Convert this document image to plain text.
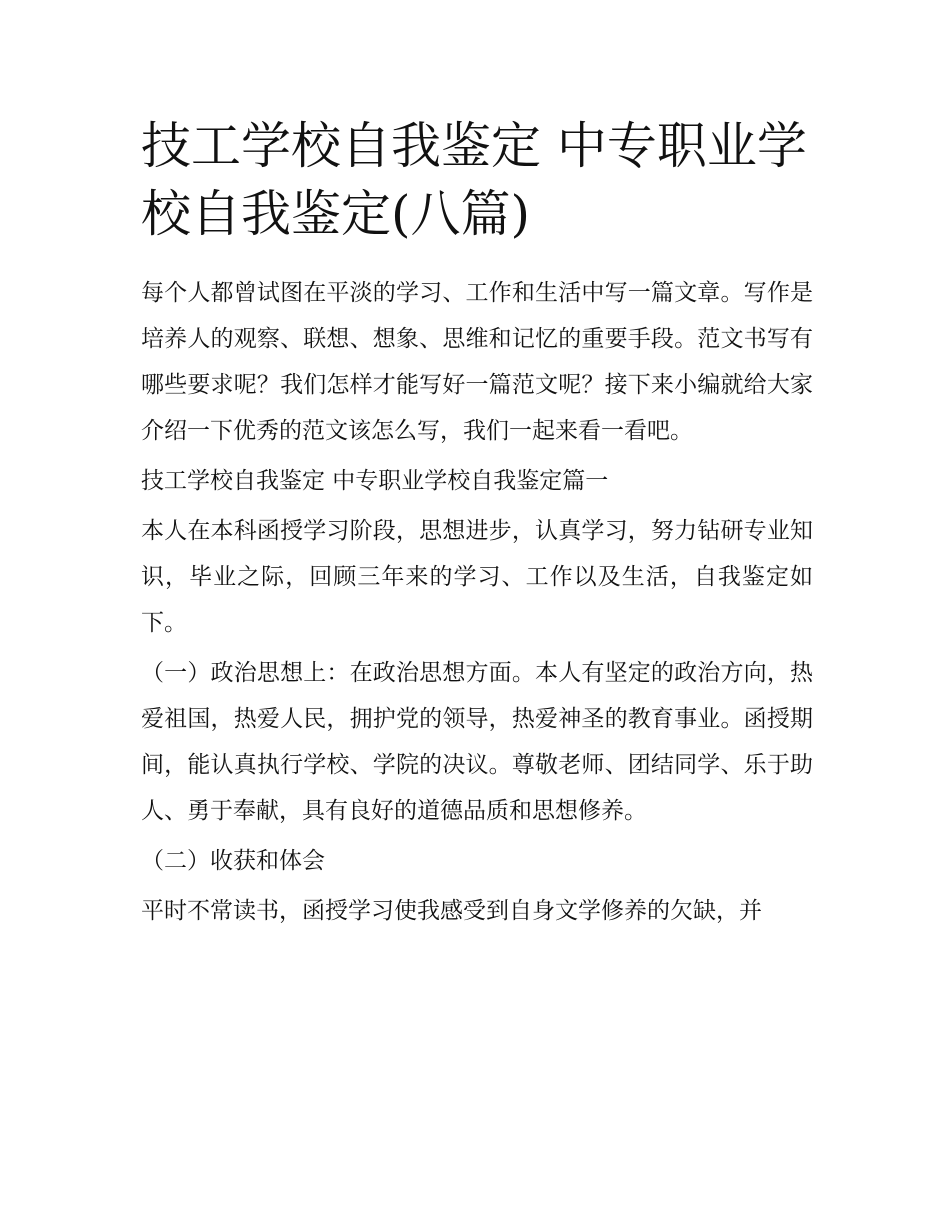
技工学校自我鉴定 中专职业学校自我鉴定(八篇)

每个人都曾试图在平淡的学习、工作和生活中写一篇文章。写作是培养人的观察、联想、想象、思维和记忆的重要手段。范文书写有哪些要求呢？我们怎样才能写好一篇范文呢？接下来小编就给大家介绍一下优秀的范文该怎么写，我们一起来看一看吧。

技工学校自我鉴定 中专职业学校自我鉴定篇一

本人在本科函授学习阶段，思想进步，认真学习，努力钻研专业知识，毕业之际，回顾三年来的学习、工作以及生活，自我鉴定如下。

（一）政治思想上：在政治思想方面。本人有坚定的政治方向，热爱祖国，热爱人民，拥护党的领导，热爱神圣的教育事业。函授期间，能认真执行学校、学院的决议。尊敬老师、团结同学、乐于助人、勇于奉献，具有良好的道德品质和思想修养。

（二）收获和体会

平时不常读书，函授学习使我感受到自身文学修养的欠缺，并
